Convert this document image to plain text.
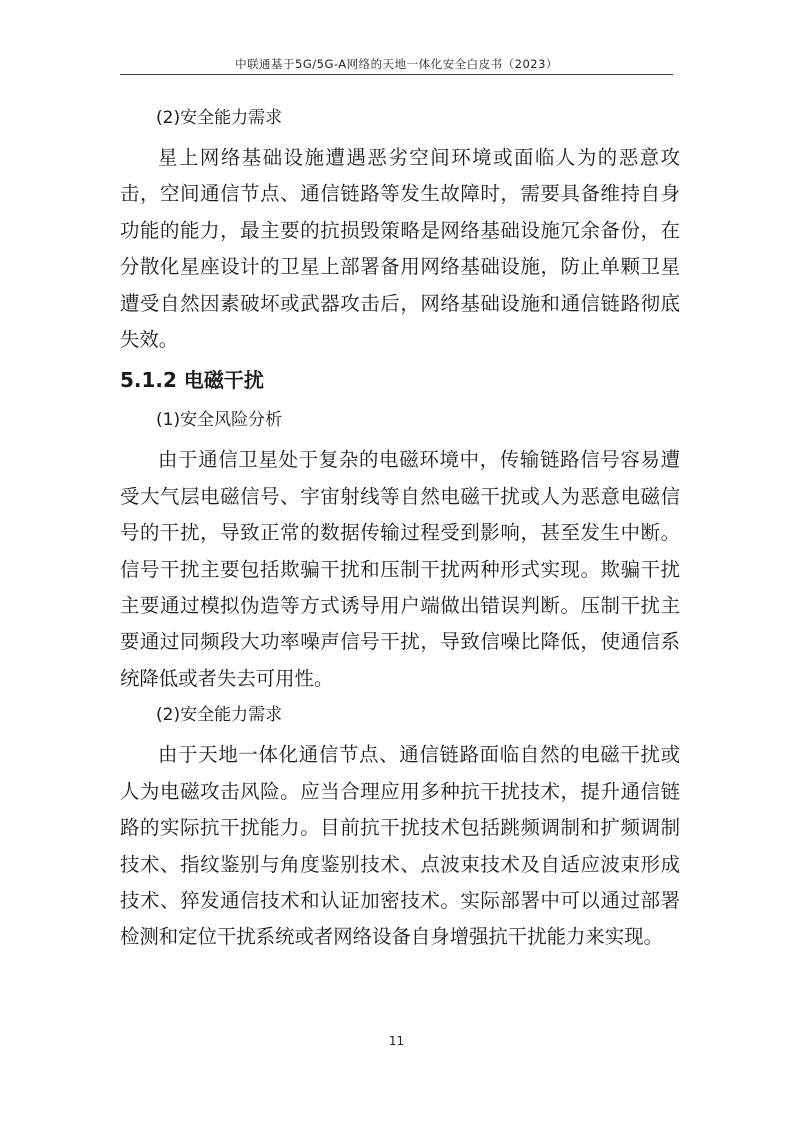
中联通基于5G/5G-A网络的天地一体化安全白皮书（2023）
(2)安全能力需求

星上网络基础设施遭遇恶劣空间环境或面临人为的恶意攻击，空间通信节点、通信链路等发生故障时，需要具备维持自身功能的能力，最主要的抗损毁策略是网络基础设施冗余备份，在分散化星座设计的卫星上部署备用网络基础设施，防止单颗卫星遭受自然因素破坏或武器攻击后，网络基础设施和通信链路彻底失效。

5.1.2 电磁干扰
(1)安全风险分析

由于通信卫星处于复杂的电磁环境中，传输链路信号容易遭受大气层电磁信号、宇宙射线等自然电磁干扰或人为恶意电磁信号的干扰，导致正常的数据传输过程受到影响，甚至发生中断。信号干扰主要包括欺骗干扰和压制干扰两种形式实现。欺骗干扰主要通过模拟伪造等方式诱导用户端做出错误判断。压制干扰主要通过同频段大功率噪声信号干扰，导致信噪比降低，使通信系统降低或者失去可用性。

(2)安全能力需求

由于天地一体化通信节点、通信链路面临自然的电磁干扰或人为电磁攻击风险。应当合理应用多种抗干扰技术，提升通信链路的实际抗干扰能力。目前抗干扰技术包括跳频调制和扩频调制技术、指纹鉴别与角度鉴别技术、点波束技术及自适应波束形成技术、猝发通信技术和认证加密技术。实际部署中可以通过部署检测和定位干扰系统或者网络设备自身增强抗干扰能力来实现。

11
